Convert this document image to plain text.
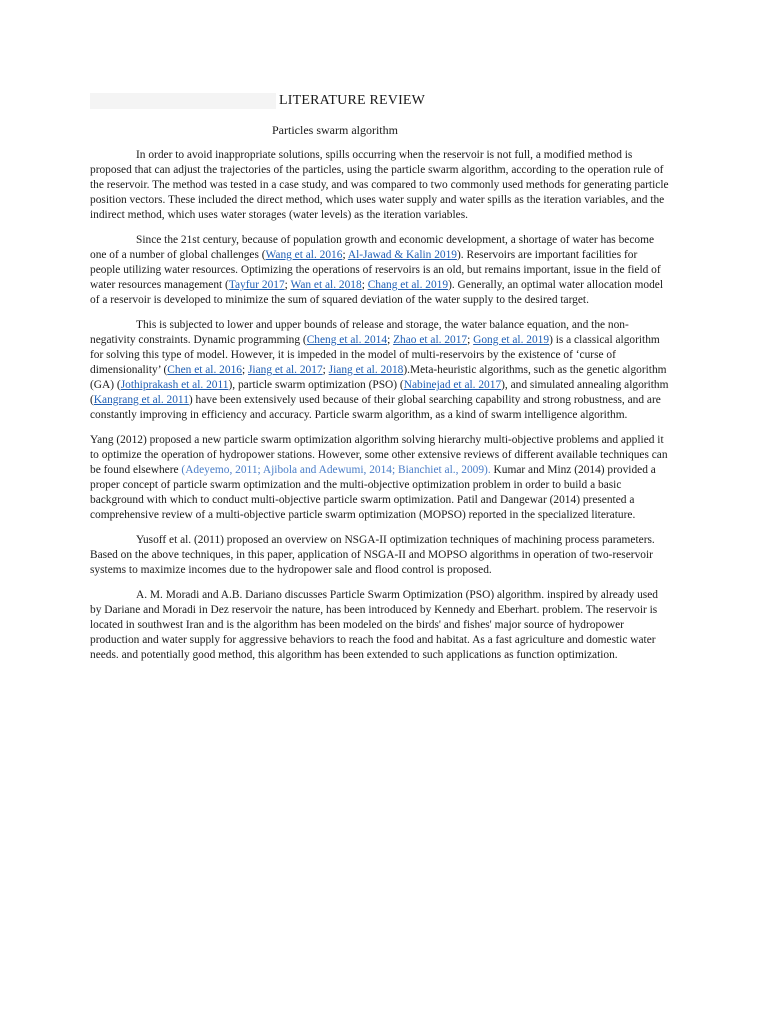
LITERATURE REVIEW
Particles swarm algorithm

In order to avoid inappropriate solutions, spills occurring when the reservoir is not full, a modified method is proposed that can adjust the trajectories of the particles, using the particle swarm algorithm, according to the operation rule of the reservoir. The method was tested in a case study, and was compared to two commonly used methods for generating particle position vectors. These included the direct method, which uses water supply and water spills as the iteration variables, and the indirect method, which uses water storages (water levels) as the iteration variables.

Since the 21st century, because of population growth and economic development, a shortage of water has become one of a number of global challenges (Wang et al. 2016; Al-Jawad & Kalin 2019). Reservoirs are important facilities for people utilizing water resources. Optimizing the operations of reservoirs is an old, but remains important, issue in the field of water resources management (Tayfur 2017; Wan et al. 2018; Chang et al. 2019). Generally, an optimal water allocation model of a reservoir is developed to minimize the sum of squared deviation of the water supply to the desired target.

This is subjected to lower and upper bounds of release and storage, the water balance equation, and the non-negativity constraints. Dynamic programming (Cheng et al. 2014; Zhao et al. 2017; Gong et al. 2019) is a classical algorithm for solving this type of model. However, it is impeded in the model of multi-reservoirs by the existence of ‘curse of dimensionality’ (Chen et al. 2016; Jiang et al. 2017; Jiang et al. 2018).Meta-heuristic algorithms, such as the genetic algorithm (GA) (Jothiprakash et al. 2011), particle swarm optimization (PSO) (Nabinejad et al. 2017), and simulated annealing algorithm (Kangrang et al. 2011) have been extensively used because of their global searching capability and strong robustness, and are constantly improving in efficiency and accuracy. Particle swarm algorithm, as a kind of swarm intelligence algorithm.

Yang (2012) proposed a new particle swarm optimization algorithm solving hierarchy multi-objective problems and applied it to optimize the operation of hydropower stations. However, some other extensive reviews of different available techniques can be found elsewhere (Adeyemo, 2011; Ajibola and Adewumi, 2014; Bianchiet al., 2009). Kumar and Minz (2014) provided a proper concept of particle swarm optimization and the multi-objective optimization problem in order to build a basic background with which to conduct multi-objective particle swarm optimization. Patil and Dangewar (2014) presented a comprehensive review of a multi-objective particle swarm optimization (MOPSO) reported in the specialized literature.

Yusoff et al. (2011) proposed an overview on NSGA-II optimization techniques of machining process parameters. Based on the above techniques, in this paper, application of NSGA-II and MOPSO algorithms in operation of two-reservoir systems to maximize incomes due to the hydropower sale and flood control is proposed.

A. M. Moradi and A.B. Dariano discusses Particle Swarm Optimization (PSO) algorithm. inspired by already used by Dariane and Moradi in Dez reservoir the nature, has been introduced by Kennedy and Eberhart. problem. The reservoir is located in southwest Iran and is the algorithm has been modeled on the birds' and fishes' major source of hydropower production and water supply for aggressive behaviors to reach the food and habitat. As a fast agriculture and domestic water needs. and potentially good method, this algorithm has been extended to such applications as function optimization.
